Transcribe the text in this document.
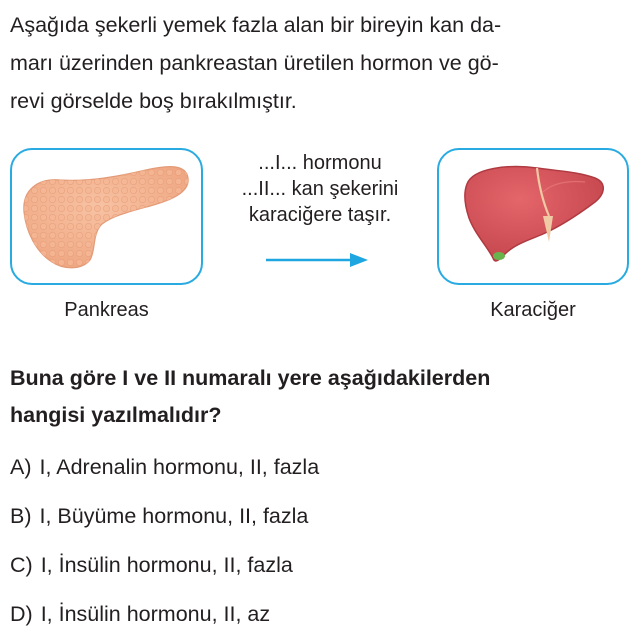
Aşağıda şekerli yemek fazla alan bir bireyin kan da-
marı üzerinden pankreastan üretilen hormon ve gö-
revi görselde boş bırakılmıştır.
Pankreas
...I... hormonu
...II... kan şekerini
karaciğere taşır.
Karaciğer
Buna göre I ve II numaralı yere aşağıdakilerden
hangisi yazılmalıdır?
A) I, Adrenalin hormonu, II, fazla
B) I, Büyüme hormonu, II, fazla
C) I, İnsülin hormonu, II, fazla
D) I, İnsülin hormonu, II, az
